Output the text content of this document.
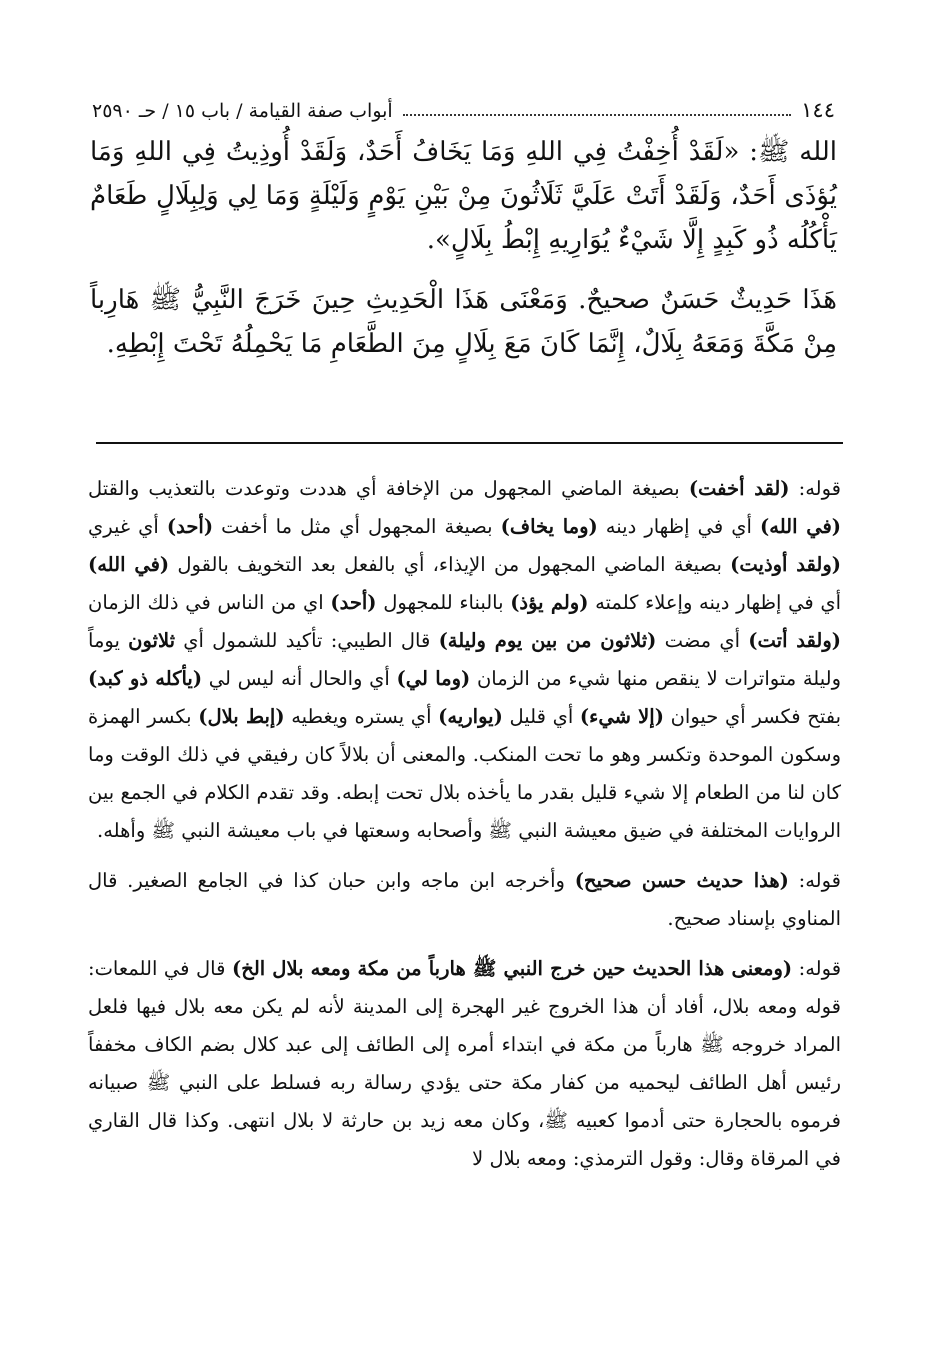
١٤٤
أبواب صفة القيامة / باب ١٥ / حـ ٢٥٩٠

الله ﷺ: «لَقَدْ أُخِفْتُ فِي اللهِ وَمَا يَخَافُ أَحَدٌ، وَلَقَدْ أُوذِيتُ فِي اللهِ وَمَا يُؤذَى أَحَدٌ، وَلَقَدْ أَتَتْ عَلَيَّ ثَلَاثُونَ مِنْ بَيْنِ يَوْمٍ وَلَيْلَةٍ وَمَا لِي وَلِبِلَالٍ طَعَامٌ يَأْكُلُه ذُو كَبِدٍ إِلَّا شَيْءٌ يُوَارِيهِ إِبْطُ بِلَالٍ».

هَذَا حَدِيثٌ حَسَنٌ صحيحٌ. وَمَعْنَى هَذَا الْحَدِيثِ حِينَ خَرَجَ النَّبِيُّ ﷺ هَارِباً مِنْ مَكَّةَ وَمَعَهُ بِلَالٌ، إِنَّمَا كَانَ مَعَ بِلَالٍ مِنَ الطَّعَامِ مَا يَحْمِلُهُ تَحْتَ إِبْطِهِ.

قوله: (لقد أخفت) بصيغة الماضي المجهول من الإخافة أي هددت وتوعدت بالتعذيب والقتل (في الله) أي في إظهار دينه (وما يخاف) بصيغة المجهول أي مثل ما أخفت (أحد) أي غيري (ولقد أوذيت) بصيغة الماضي المجهول من الإيذاء، أي بالفعل بعد التخويف بالقول (في الله) أي في إظهار دينه وإعلاء كلمته (ولم يؤذ) بالبناء للمجهول (أحد) اي من الناس في ذلك الزمان (ولقد أتت) أي مضت (ثلاثون من بين يوم وليلة) قال الطيبي: تأكيد للشمول أي ثلاثون يوماً وليلة متواترات لا ينقص منها شيء من الزمان (وما لي) أي والحال أنه ليس لي (يأكله ذو كبد) بفتح فكسر أي حيوان (إلا شيء) أي قليل (يواريه) أي يستره ويغطيه (إبط بلال) بكسر الهمزة وسكون الموحدة وتكسر وهو ما تحت المنكب. والمعنى أن بلالاً كان رفيقي في ذلك الوقت وما كان لنا من الطعام إلا شيء قليل بقدر ما يأخذه بلال تحت إبطه. وقد تقدم الكلام في الجمع بين الروايات المختلفة في ضيق معيشة النبي ﷺ وأصحابه وسعتها في باب معيشة النبي ﷺ وأهله.

قوله: (هذا حديث حسن صحيح) وأخرجه ابن ماجه وابن حبان كذا في الجامع الصغير. قال المناوي بإسناد صحيح.

قوله: (ومعنى هذا الحديث حين خرج النبي ﷺ هارباً من مكة ومعه بلال الخ) قال في اللمعات: قوله ومعه بلال، أفاد أن هذا الخروج غير الهجرة إلى المدينة لأنه لم يكن معه بلال فيها فلعل المراد خروجه ﷺ هارباً من مكة في ابتداء أمره إلى الطائف إلى عبد كلال بضم الكاف مخففاً رئيس أهل الطائف ليحميه من كفار مكة حتى يؤدي رسالة ربه فسلط على النبي ﷺ صبيانه فرموه بالحجارة حتى أدموا كعبيه ﷺ، وكان معه زيد بن حارثة لا بلال انتهى. وكذا قال القاري في المرقاة وقال: وقول الترمذي: ومعه بلال لا
